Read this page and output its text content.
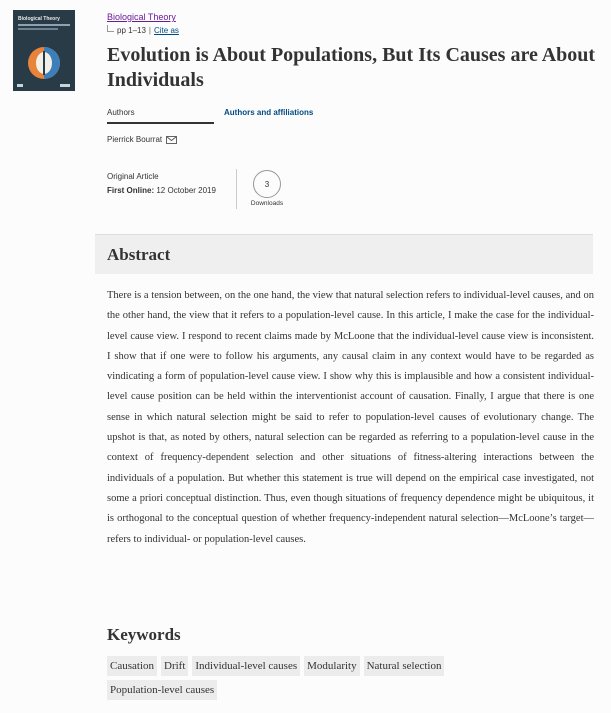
Biological Theory	Biological Theory
pp 1–13 | Cite as
Evolution is About Populations, But Its Causes are About Individuals
Authors	Authors and affiliations
Pierrick Bourrat
Original Article
First Online: 12 October 2019
3
Downloads
Abstract

There is a tension between, on the one hand, the view that natural selection refers to individual-level causes, and on the other hand, the view that it refers to a population-level cause. In this article, I make the case for the individual-level cause view. I respond to recent claims made by McLoone that the individual-level cause view is inconsistent. I show that if one were to follow his arguments, any causal claim in any context would have to be regarded as vindicating a form of population-level cause view. I show why this is implausible and how a consistent individual-level cause position can be held within the interventionist account of causation. Finally, I argue that there is one sense in which natural selection might be said to refer to population-level causes of evolutionary change. The upshot is that, as noted by others, natural selection can be regarded as referring to a population-level cause in the context of frequency-dependent selection and other situations of fitness-altering interactions between the individuals of a population. But whether this statement is true will depend on the empirical case investigated, not some a priori conceptual distinction. Thus, even though situations of frequency dependence might be ubiquitous, it is orthogonal to the conceptual question of whether frequency-independent natural selection—McLoone’s target—refers to individual- or population-level causes.

Keywords
Causation Drift Individual-level causes Modularity Natural selection
Population-level causes
